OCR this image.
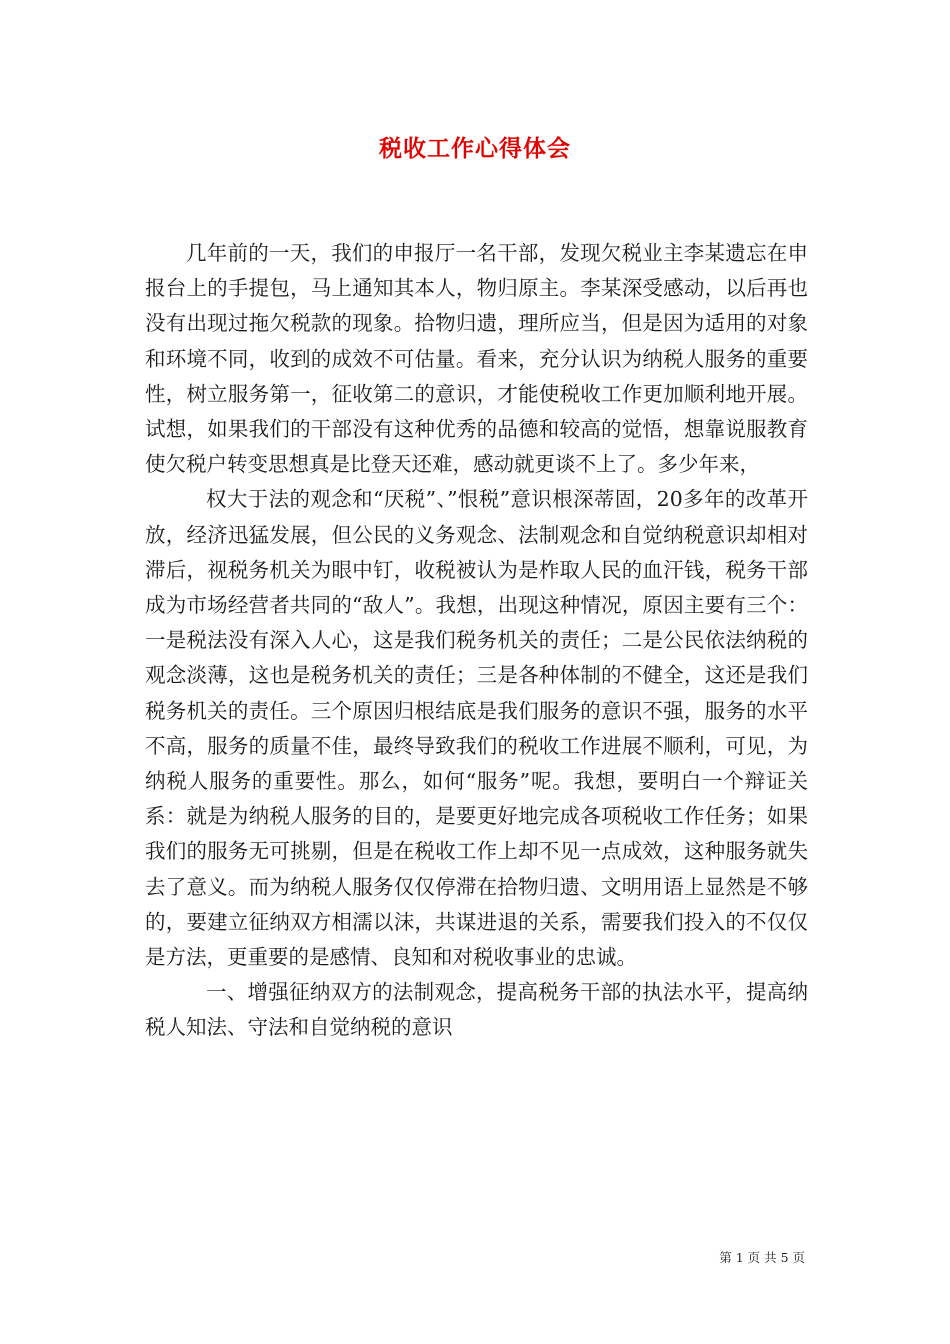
税收工作心得体会

几年前的一天，我们的申报厅一名干部，发现欠税业主李某遗忘在申报台上的手提包，马上通知其本人，物归原主。李某深受感动，以后再也没有出现过拖欠税款的现象。拾物归遗，理所应当，但是因为适用的对象和环境不同，收到的成效不可估量。看来，充分认识为纳税人服务的重要性，树立服务第一，征收第二的意识，才能使税收工作更加顺利地开展。试想，如果我们的干部没有这种优秀的品德和较高的觉悟，想靠说服教育使欠税户转变思想真是比登天还难，感动就更谈不上了。多少年来，

权大于法的观念和“厌税”、”恨税”意识根深蒂固，20多年的改革开放，经济迅猛发展，但公民的义务观念、法制观念和自觉纳税意识却相对滞后，视税务机关为眼中钉，收税被认为是柞取人民的血汗钱，税务干部成为市场经营者共同的“敌人”。我想，出现这种情况，原因主要有三个：一是税法没有深入人心，这是我们税务机关的责任；二是公民依法纳税的观念淡薄，这也是税务机关的责任；三是各种体制的不健全，这还是我们税务机关的责任。三个原因归根结底是我们服务的意识不强，服务的水平不高，服务的质量不佳，最终导致我们的税收工作进展不顺利，可见，为纳税人服务的重要性。那么，如何“服务”呢。我想，要明白一个辩证关系：就是为纳税人服务的目的，是要更好地完成各项税收工作任务；如果我们的服务无可挑剔，但是在税收工作上却不见一点成效，这种服务就失去了意义。而为纳税人服务仅仅停滞在拾物归遗、文明用语上显然是不够的，要建立征纳双方相濡以沫，共谋进退的关系，需要我们投入的不仅仅是方法，更重要的是感情、良知和对税收事业的忠诚。

一、增强征纳双方的法制观念，提高税务干部的执法水平，提高纳税人知法、守法和自觉纳税的意识

第 1 页 共 5 页
